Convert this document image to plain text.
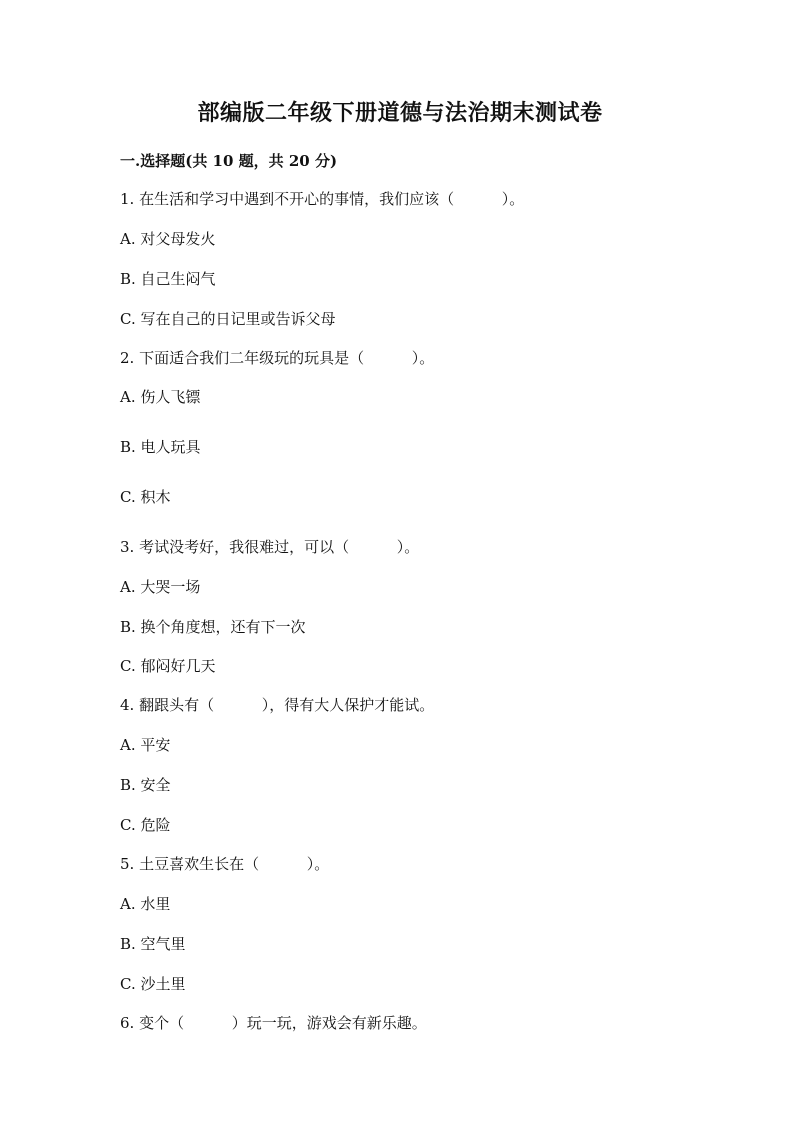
部编版二年级下册道德与法治期末测试卷
一.选择题(共 10 题，共 20 分)
1. 在生活和学习中遇到不开心的事情，我们应该（          ）。
A. 对父母发火
B. 自己生闷气
C. 写在自己的日记里或告诉父母
2. 下面适合我们二年级玩的玩具是（          ）。
A. 伤人飞镖
B. 电人玩具
C. 积木
3. 考试没考好，我很难过，可以（          ）。
A. 大哭一场
B. 换个角度想，还有下一次
C. 郁闷好几天
4. 翻跟头有（          ），得有大人保护才能试。
A. 平安
B. 安全
C. 危险
5. 土豆喜欢生长在（          ）。
A. 水里
B. 空气里
C. 沙土里
6. 变个（          ）玩一玩，游戏会有新乐趣。
